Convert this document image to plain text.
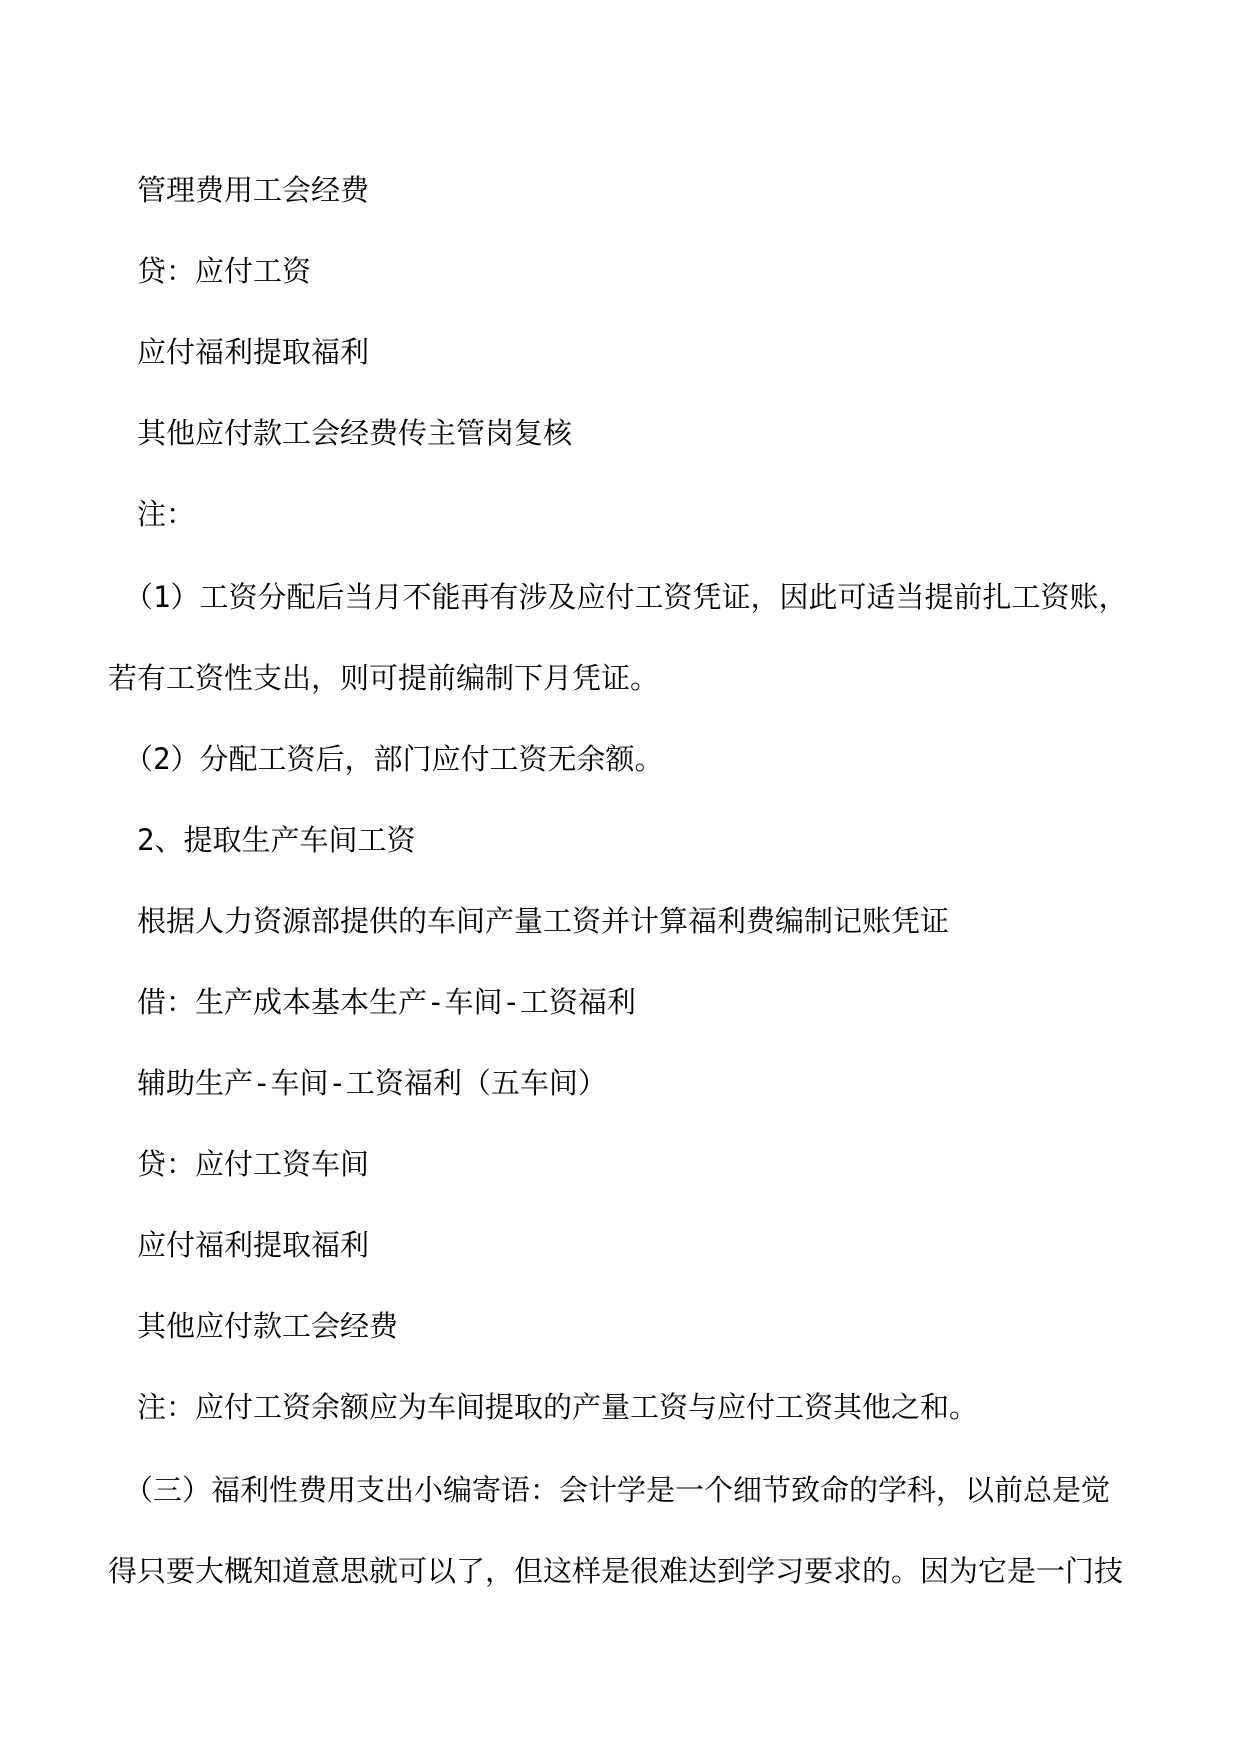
管理费用工会经费
贷：应付工资
应付福利提取福利
其他应付款工会经费传主管岗复核
注：
（1）工资分配后当月不能再有涉及应付工资凭证，因此可适当提前扎工资账，
若有工资性支出，则可提前编制下月凭证。
（2）分配工资后，部门应付工资无余额。
2、提取生产车间工资
根据人力资源部提供的车间产量工资并计算福利费编制记账凭证
借：生产成本基本生产-车间-工资福利
辅助生产-车间-工资福利（五车间）
贷：应付工资车间
应付福利提取福利
其他应付款工会经费
注：应付工资余额应为车间提取的产量工资与应付工资其他之和。
（三）福利性费用支出小编寄语：会计学是一个细节致命的学科，以前总是觉
得只要大概知道意思就可以了，但这样是很难达到学习要求的。因为它是一门技
